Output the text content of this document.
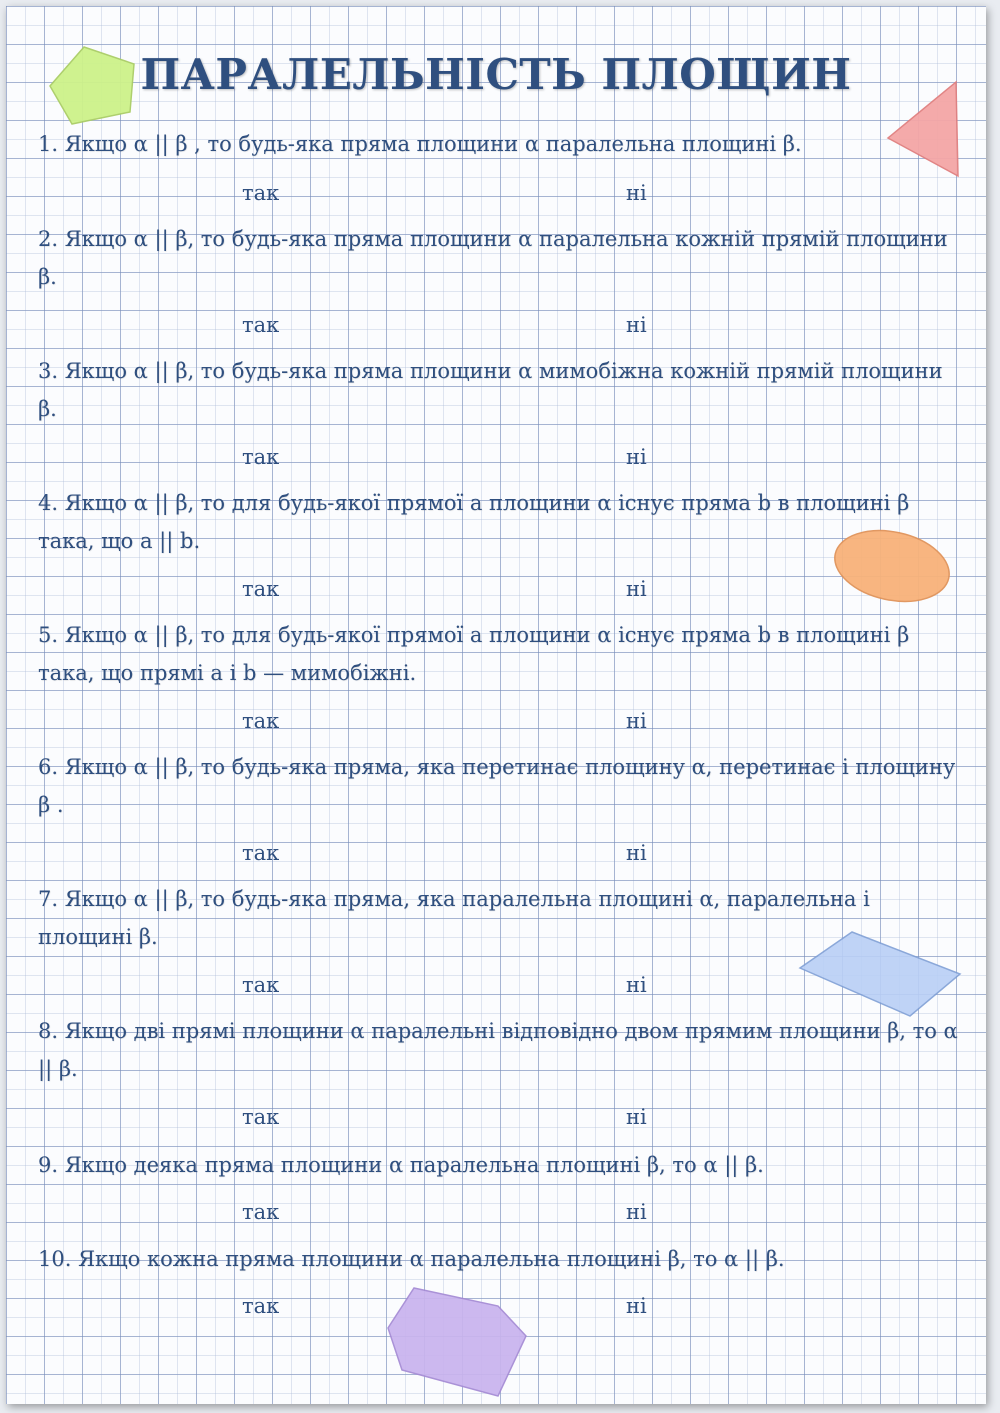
ПАРАЛЕЛЬНІСТЬ ПЛОЩИН
1. Якщо α || β , то будь-яка пряма площини α паралельна площині β.
так	ні
2. Якщо α || β, то будь-яка пряма площини α паралельна кожній прямій площини β.
так	ні
3. Якщо α || β, то будь-яка пряма площини α мимобіжна кожній прямій площини β.
так	ні
4. Якщо α || β, то для будь-якої прямої a площини α існує пряма b в площині β така, що a || b.
так	ні
5. Якщо α || β, то для будь-якої прямої a площини α існує пряма b в площині β така, що прямі a і b — мимобіжні.
так	ні
6. Якщо α || β, то будь-яка пряма, яка перетинає площину α, перетинає і площину β .
так	ні
7. Якщо α || β, то будь-яка пряма, яка паралельна площині α, паралельна і площині β.
так	ні
8. Якщо дві прямі площини α паралельні відповідно двом прямим площини β, то α || β.
так	ні
9. Якщо деяка пряма площини α паралельна площині β, то α || β.
так	ні
10. Якщо кожна пряма площини α паралельна площині β, то α || β.
так	ні
